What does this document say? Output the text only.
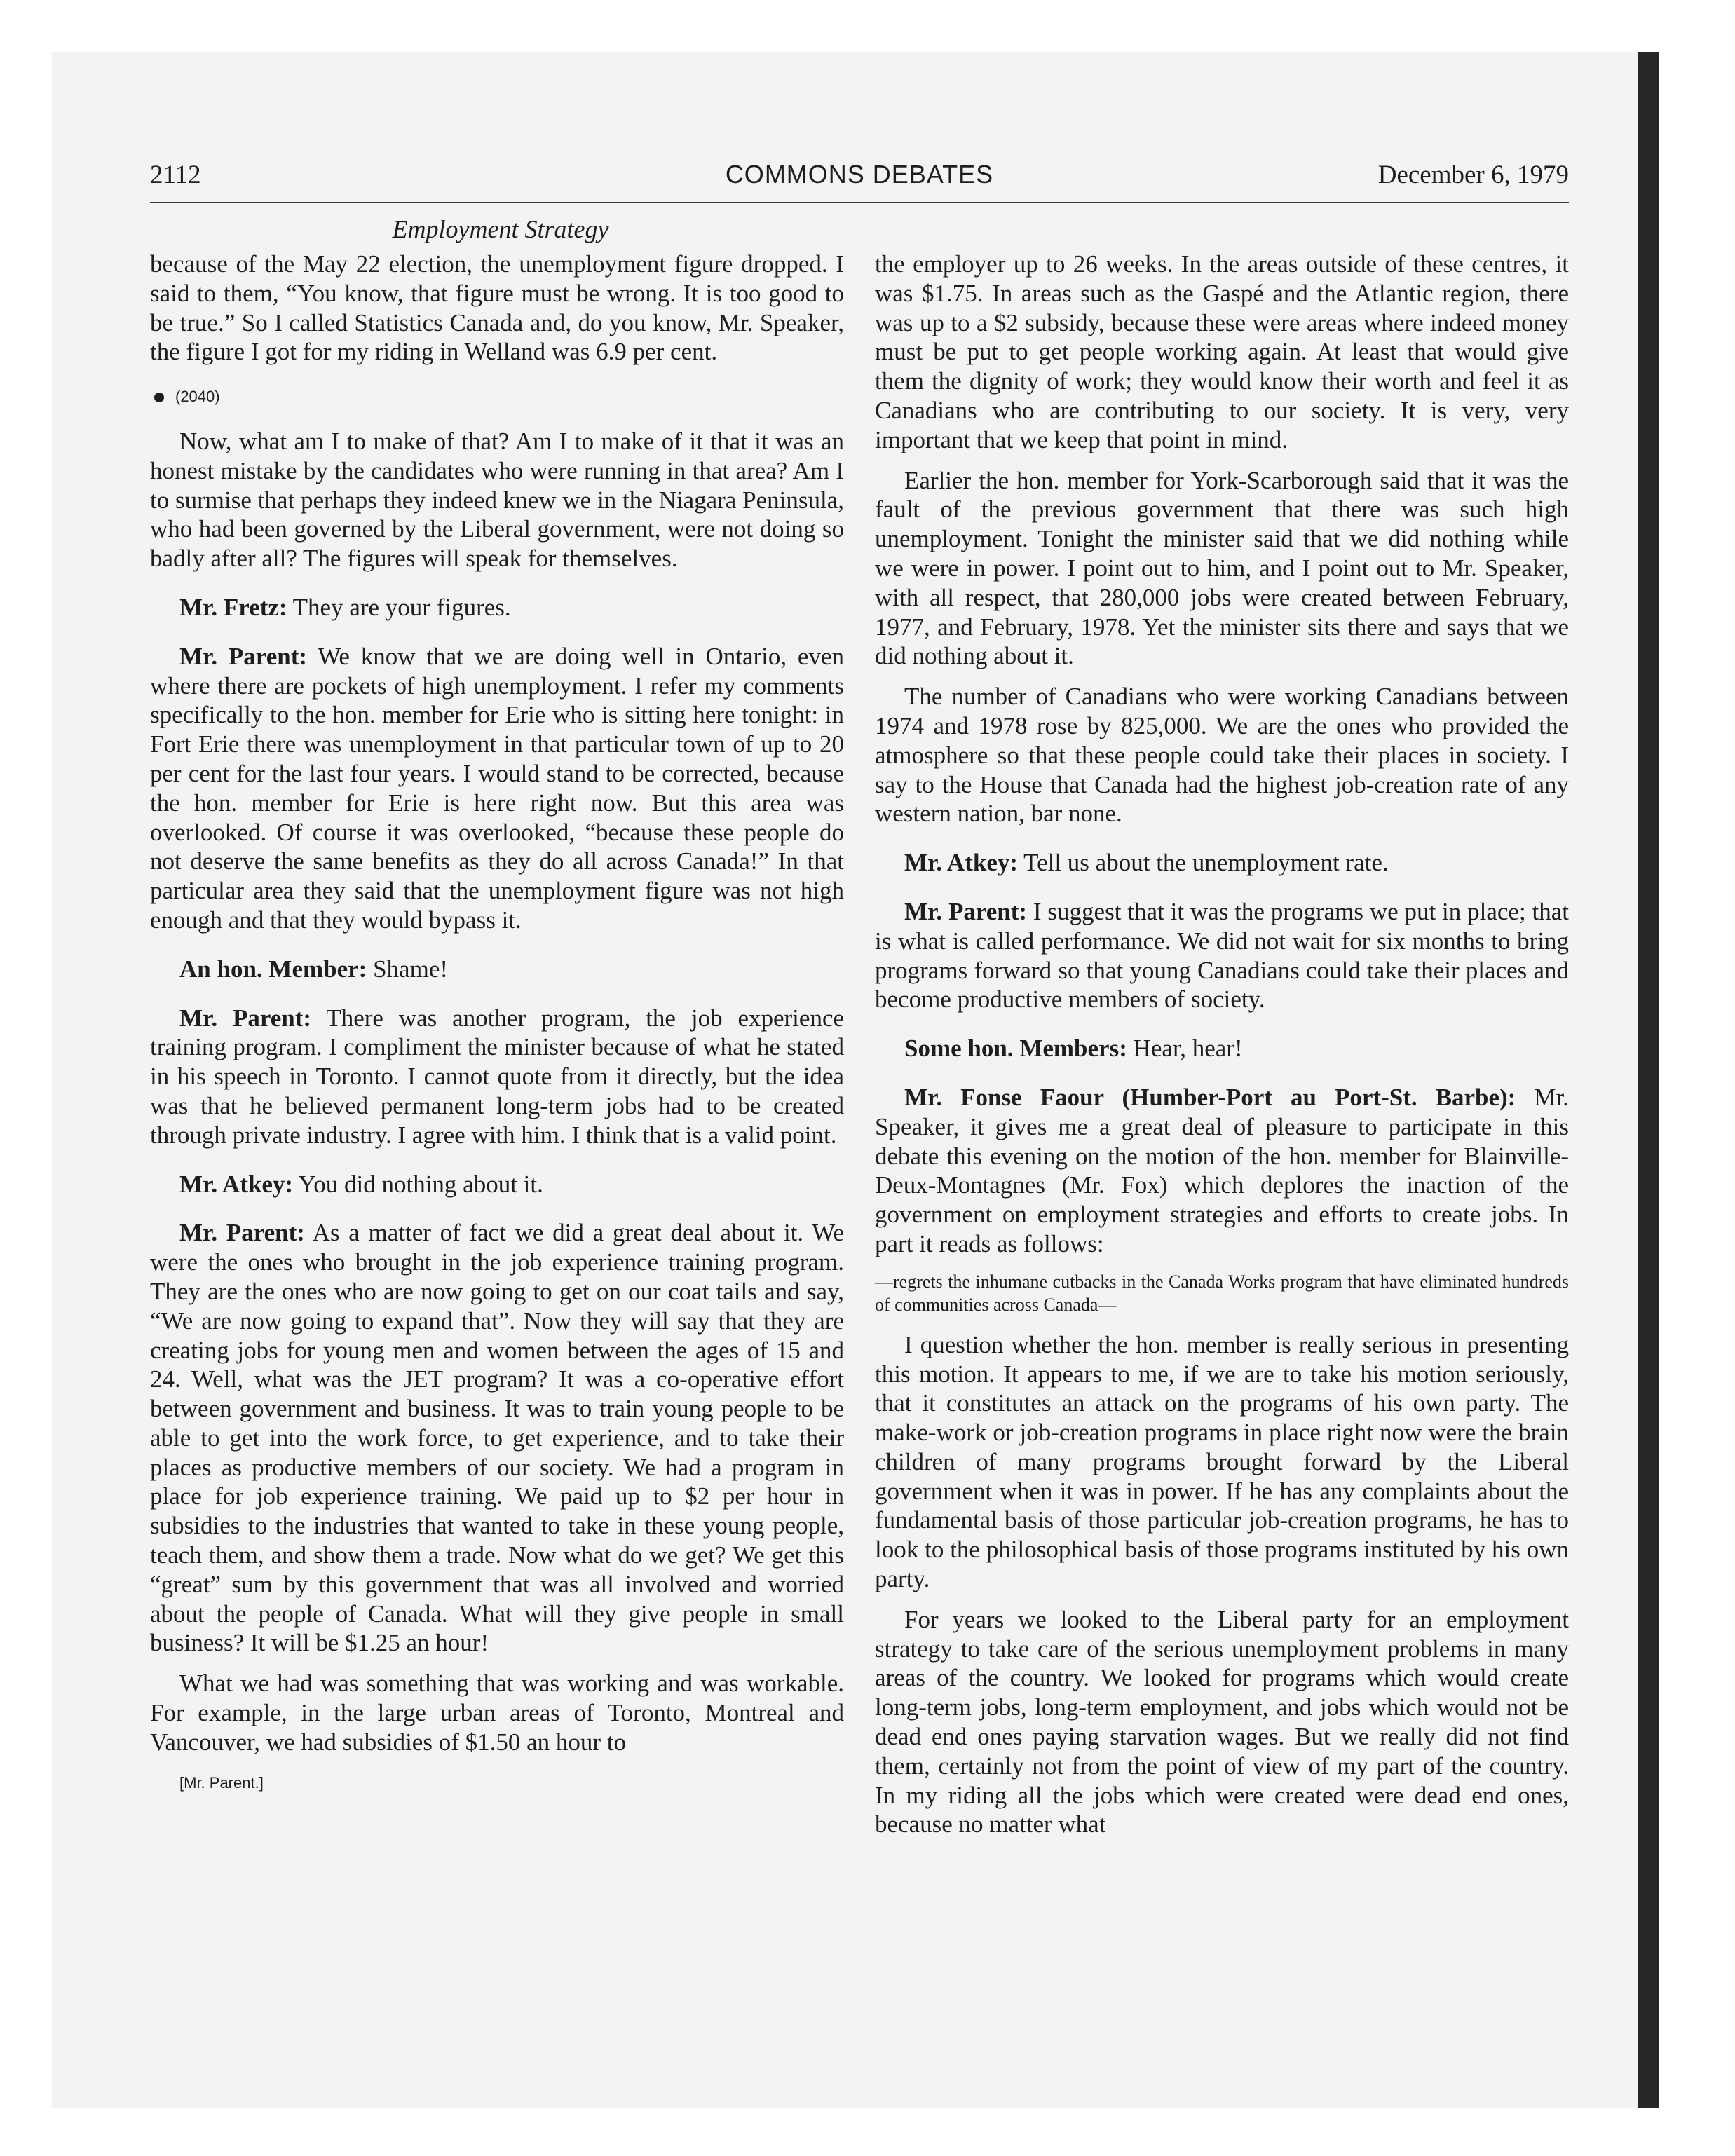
2112	COMMONS DEBATES	December 6, 1979
Employment Strategy

because of the May 22 election, the unemployment figure dropped. I said to them, “You know, that figure must be wrong. It is too good to be true.” So I called Statistics Canada and, do you know, Mr. Speaker, the figure I got for my riding in Welland was 6.9 per cent.

(2040)

Now, what am I to make of that? Am I to make of it that it was an honest mistake by the candidates who were running in that area? Am I to surmise that perhaps they indeed knew we in the Niagara Peninsula, who had been governed by the Liberal government, were not doing so badly after all? The figures will speak for themselves.

Mr. Fretz: They are your figures.

Mr. Parent: We know that we are doing well in Ontario, even where there are pockets of high unemployment. I refer my comments specifically to the hon. member for Erie who is sitting here tonight: in Fort Erie there was unemployment in that particular town of up to 20 per cent for the last four years. I would stand to be corrected, because the hon. member for Erie is here right now. But this area was overlooked. Of course it was overlooked, “because these people do not deserve the same benefits as they do all across Canada!” In that particular area they said that the unemployment figure was not high enough and that they would bypass it.

An hon. Member: Shame!

Mr. Parent: There was another program, the job experience training program. I compliment the minister because of what he stated in his speech in Toronto. I cannot quote from it directly, but the idea was that he believed permanent long-term jobs had to be created through private industry. I agree with him. I think that is a valid point.

Mr. Atkey: You did nothing about it.

Mr. Parent: As a matter of fact we did a great deal about it. We were the ones who brought in the job experience training program. They are the ones who are now going to get on our coat tails and say, “We are now going to expand that”. Now they will say that they are creating jobs for young men and women between the ages of 15 and 24. Well, what was the JET program? It was a co-operative effort between government and business. It was to train young people to be able to get into the work force, to get experience, and to take their places as productive members of our society. We had a program in place for job experience training. We paid up to $2 per hour in subsidies to the industries that wanted to take in these young people, teach them, and show them a trade. Now what do we get? We get this “great” sum by this government that was all involved and worried about the people of Canada. What will they give people in small business? It will be $1.25 an hour!

What we had was something that was working and was workable. For example, in the large urban areas of Toronto, Montreal and Vancouver, we had subsidies of $1.50 an hour to

[Mr. Parent.]

the employer up to 26 weeks. In the areas outside of these centres, it was $1.75. In areas such as the Gaspé and the Atlantic region, there was up to a $2 subsidy, because these were areas where indeed money must be put to get people working again. At least that would give them the dignity of work; they would know their worth and feel it as Canadians who are contributing to our society. It is very, very important that we keep that point in mind.

Earlier the hon. member for York-Scarborough said that it was the fault of the previous government that there was such high unemployment. Tonight the minister said that we did nothing while we were in power. I point out to him, and I point out to Mr. Speaker, with all respect, that 280,000 jobs were created between February, 1977, and February, 1978. Yet the minister sits there and says that we did nothing about it.

The number of Canadians who were working Canadians between 1974 and 1978 rose by 825,000. We are the ones who provided the atmosphere so that these people could take their places in society. I say to the House that Canada had the highest job-creation rate of any western nation, bar none.

Mr. Atkey: Tell us about the unemployment rate.

Mr. Parent: I suggest that it was the programs we put in place; that is what is called performance. We did not wait for six months to bring programs forward so that young Canadians could take their places and become productive members of society.

Some hon. Members: Hear, hear!

Mr. Fonse Faour (Humber-Port au Port-St. Barbe): Mr. Speaker, it gives me a great deal of pleasure to participate in this debate this evening on the motion of the hon. member for Blainville-Deux-Montagnes (Mr. Fox) which deplores the inaction of the government on employment strategies and efforts to create jobs. In part it reads as follows:

—regrets the inhumane cutbacks in the Canada Works program that have eliminated hundreds of communities across Canada—

I question whether the hon. member is really serious in presenting this motion. It appears to me, if we are to take his motion seriously, that it constitutes an attack on the programs of his own party. The make-work or job-creation programs in place right now were the brain children of many programs brought forward by the Liberal government when it was in power. If he has any complaints about the fundamental basis of those particular job-creation programs, he has to look to the philosophical basis of those programs instituted by his own party.

For years we looked to the Liberal party for an employment strategy to take care of the serious unemployment problems in many areas of the country. We looked for programs which would create long-term jobs, long-term employment, and jobs which would not be dead end ones paying starvation wages. But we really did not find them, certainly not from the point of view of my part of the country. In my riding all the jobs which were created were dead end ones, because no matter what
